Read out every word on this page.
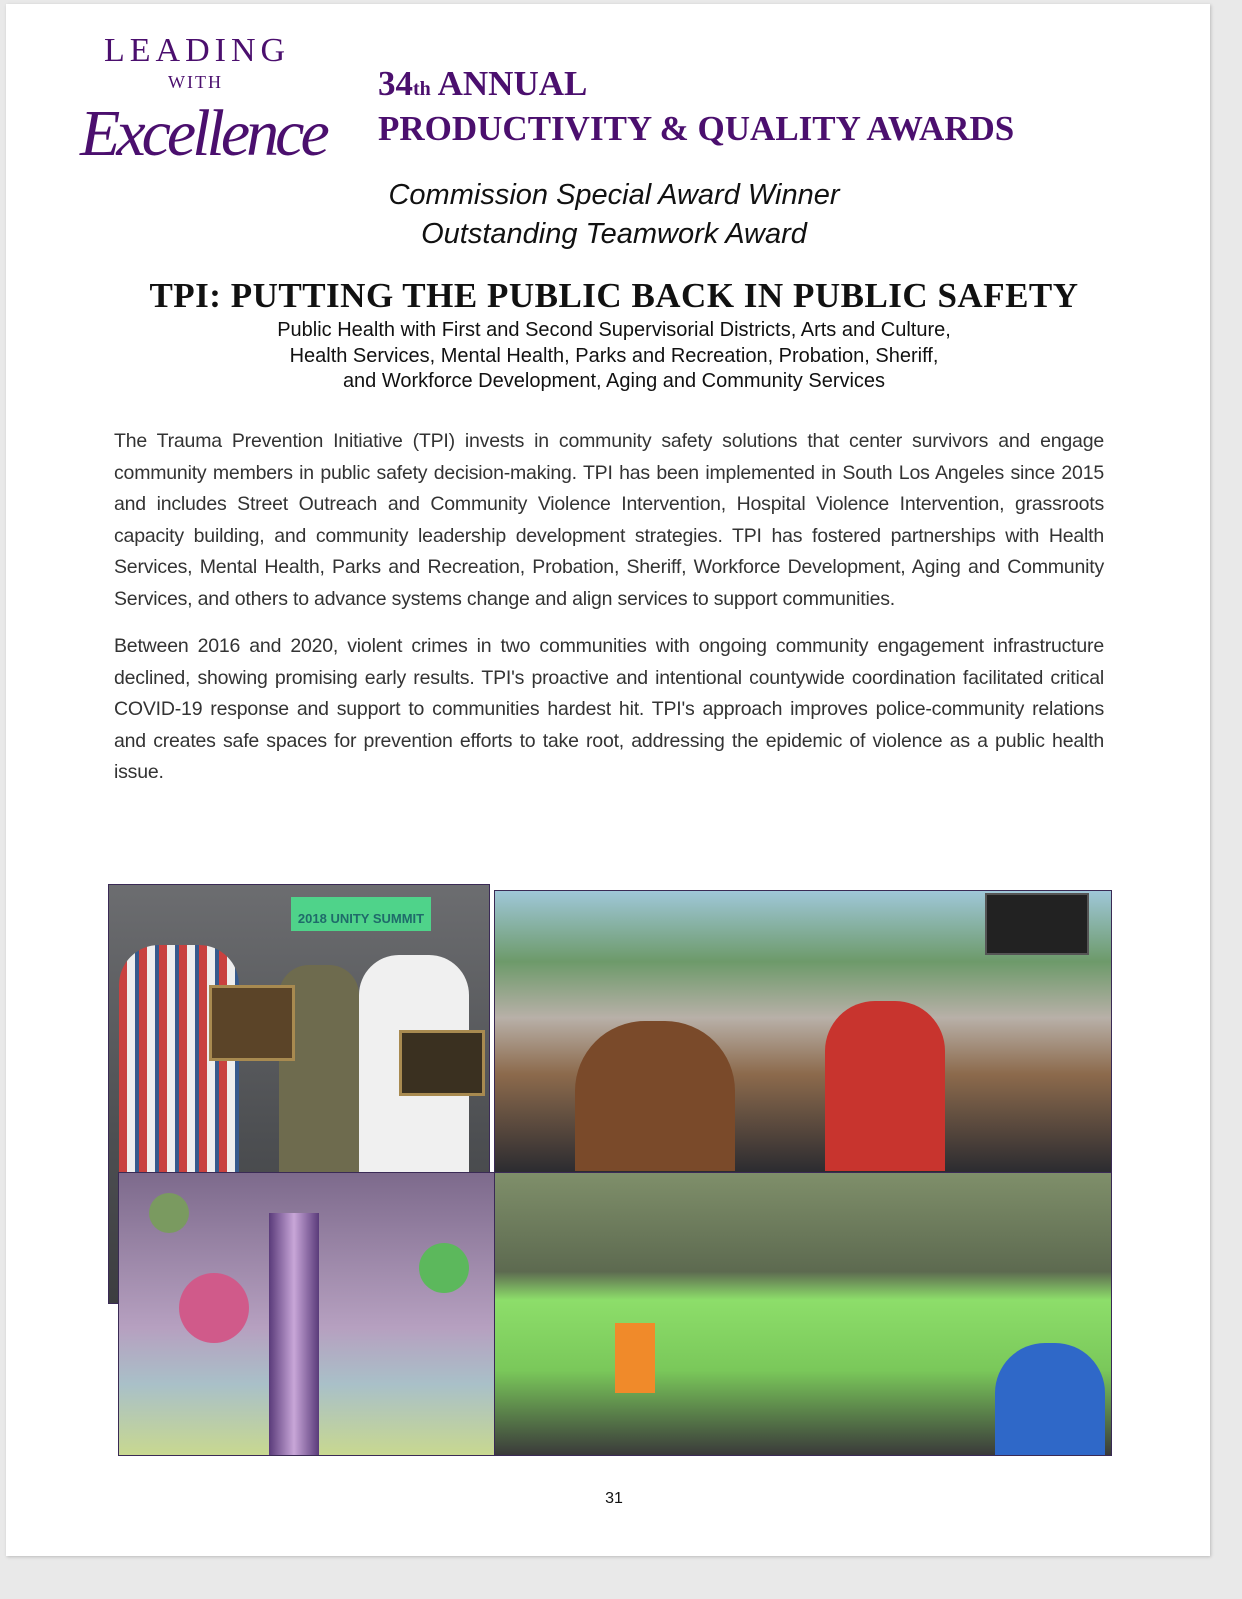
LEADING
WITH
Excellence
34th ANNUAL
PRODUCTIVITY & QUALITY AWARDS
Commission Special Award Winner
Outstanding Teamwork Award
TPI: PUTTING THE PUBLIC BACK IN PUBLIC SAFETY
Public Health with First and Second Supervisorial Districts, Arts and Culture,
Health Services, Mental Health, Parks and Recreation, Probation, Sheriff,
and Workforce Development, Aging and Community Services

The Trauma Prevention Initiative (TPI) invests in community safety solutions that center survivors and engage community members in public safety decision-making. TPI has been implemented in South Los Angeles since 2015 and includes Street Outreach and Community Violence Intervention, Hospital Violence Intervention, grassroots capacity building, and community leadership development strategies. TPI has fostered partnerships with Health Services, Mental Health, Parks and Recreation, Probation, Sheriff, Workforce Development, Aging and Community Services, and others to advance systems change and align services to support communities.

Between 2016 and 2020, violent crimes in two communities with ongoing community engagement infrastructure declined, showing promising early results. TPI's proactive and intentional countywide coordination facilitated critical COVID-19 response and support to communities hardest hit. TPI's approach improves police-community relations and creates safe spaces for prevention efforts to take root, addressing the epidemic of violence as a public health issue.

2018 UNITY SUMMIT
31
